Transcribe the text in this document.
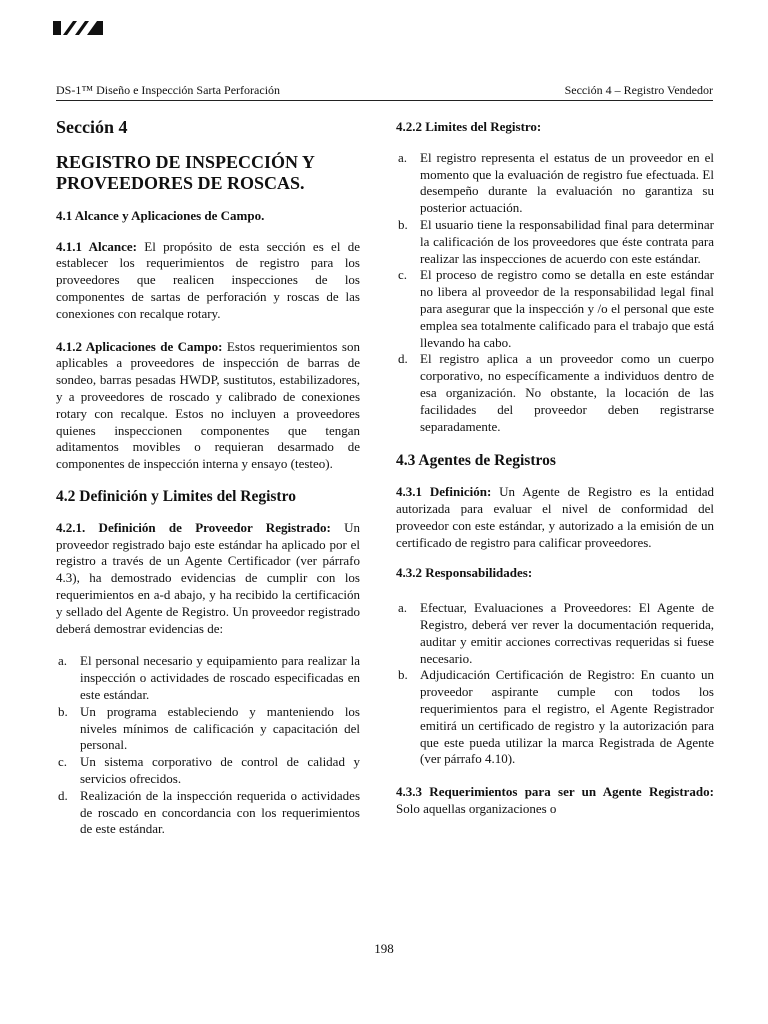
DS-1™ Diseño e Inspección Sarta Perforación	Sección 4 – Registro Vendedor
Sección 4
REGISTRO DE INSPECCIÓN Y PROVEEDORES DE ROSCAS.
4.1 Alcance y Aplicaciones de Campo.

4.1.1 Alcance: El propósito de esta sección es el de establecer los requerimientos de registro para los proveedores que realicen inspecciones de los componentes de sartas de perforación y roscas de las conexiones con recalque rotary.

4.1.2 Aplicaciones de Campo: Estos requerimientos son aplicables a proveedores de inspección de barras de sondeo, barras pesadas HWDP, sustitutos, estabilizadores, y a proveedores de roscado y calibrado de conexiones rotary con recalque. Estos no incluyen a proveedores quienes inspeccionen componentes que tengan aditamentos movibles o requieran desarmado de componentes de inspección interna y ensayo (testeo).

4.2 Definición y Limites del Registro

4.2.1. Definición de Proveedor Registrado: Un proveedor registrado bajo este estándar ha aplicado por el registro a través de un Agente Certificador (ver párrafo 4.3), ha demostrado evidencias de cumplir con los requerimientos en a-d abajo, y ha recibido la certificación y sellado del Agente de Registro. Un proveedor registrado deberá demostrar evidencias de:

a. El personal necesario y equipamiento para realizar la inspección o actividades de roscado especificadas en este estándar.
b. Un programa estableciendo y manteniendo los niveles mínimos de calificación y capacitación del personal.
c. Un sistema corporativo de control de calidad y servicios ofrecidos.
d. Realización de la inspección requerida o actividades de roscado en concordancia con los requerimientos de este estándar.
4.2.2 Limites del Registro:
a. El registro representa el estatus de un proveedor en el momento que la evaluación de registro fue efectuada. El desempeño durante la evaluación no garantiza su posterior actuación.
b. El usuario tiene la responsabilidad final para determinar la calificación de los proveedores que éste contrata para realizar las inspecciones de acuerdo con este estándar.
c. El proceso de registro como se detalla en este estándar no libera al proveedor de la responsabilidad legal final para asegurar que la inspección y /o el personal que este emplea sea totalmente calificado para el trabajo que está llevando ha cabo.
d. El registro aplica a un proveedor como un cuerpo corporativo, no específicamente a individuos dentro de esa organización. No obstante, la locación de las facilidades del proveedor deben registrarse separadamente.
4.3 Agentes de Registros

4.3.1 Definición: Un Agente de Registro es la entidad autorizada para evaluar el nivel de conformidad del proveedor con este estándar, y autorizado a la emisión de un certificado de registro para calificar proveedores.

4.3.2 Responsabilidades:
a. Efectuar, Evaluaciones a Proveedores: El Agente de Registro, deberá ver rever la documentación requerida, auditar y emitir acciones correctivas requeridas si fuese necesario.
b. Adjudicación Certificación de Registro: En cuanto un proveedor aspirante cumple con todos los requerimientos para el registro, el Agente Registrador emitirá un certificado de registro y la autorización para que este pueda utilizar la marca Registrada de Agente (ver párrafo 4.10).

4.3.3 Requerimientos para ser un Agente Registrado: Solo aquellas organizaciones o

198
